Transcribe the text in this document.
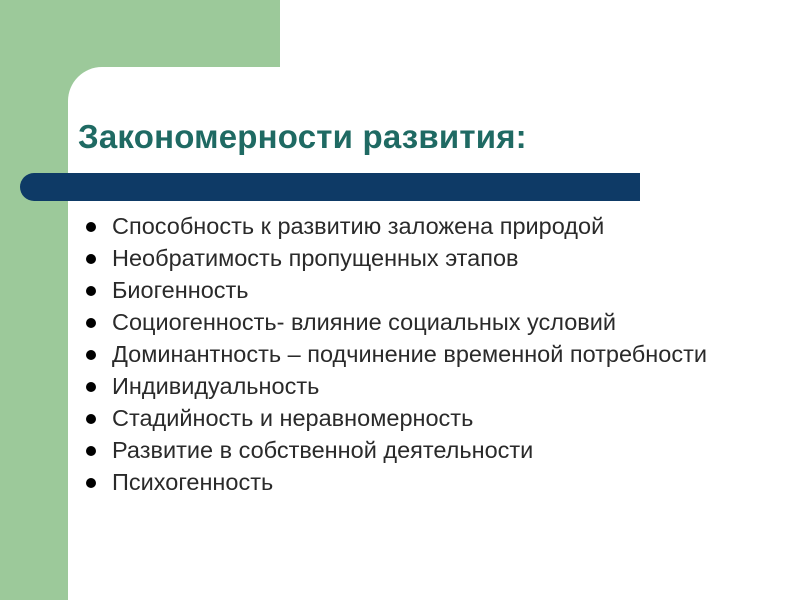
Закономерности развития:
Способность к развитию заложена природой
Необратимость пропущенных этапов
Биогенность
Социогенность- влияние социальных условий
Доминантность – подчинение временной потребности
Индивидуальность
Стадийность и неравномерность
Развитие в собственной деятельности
Психогенность
